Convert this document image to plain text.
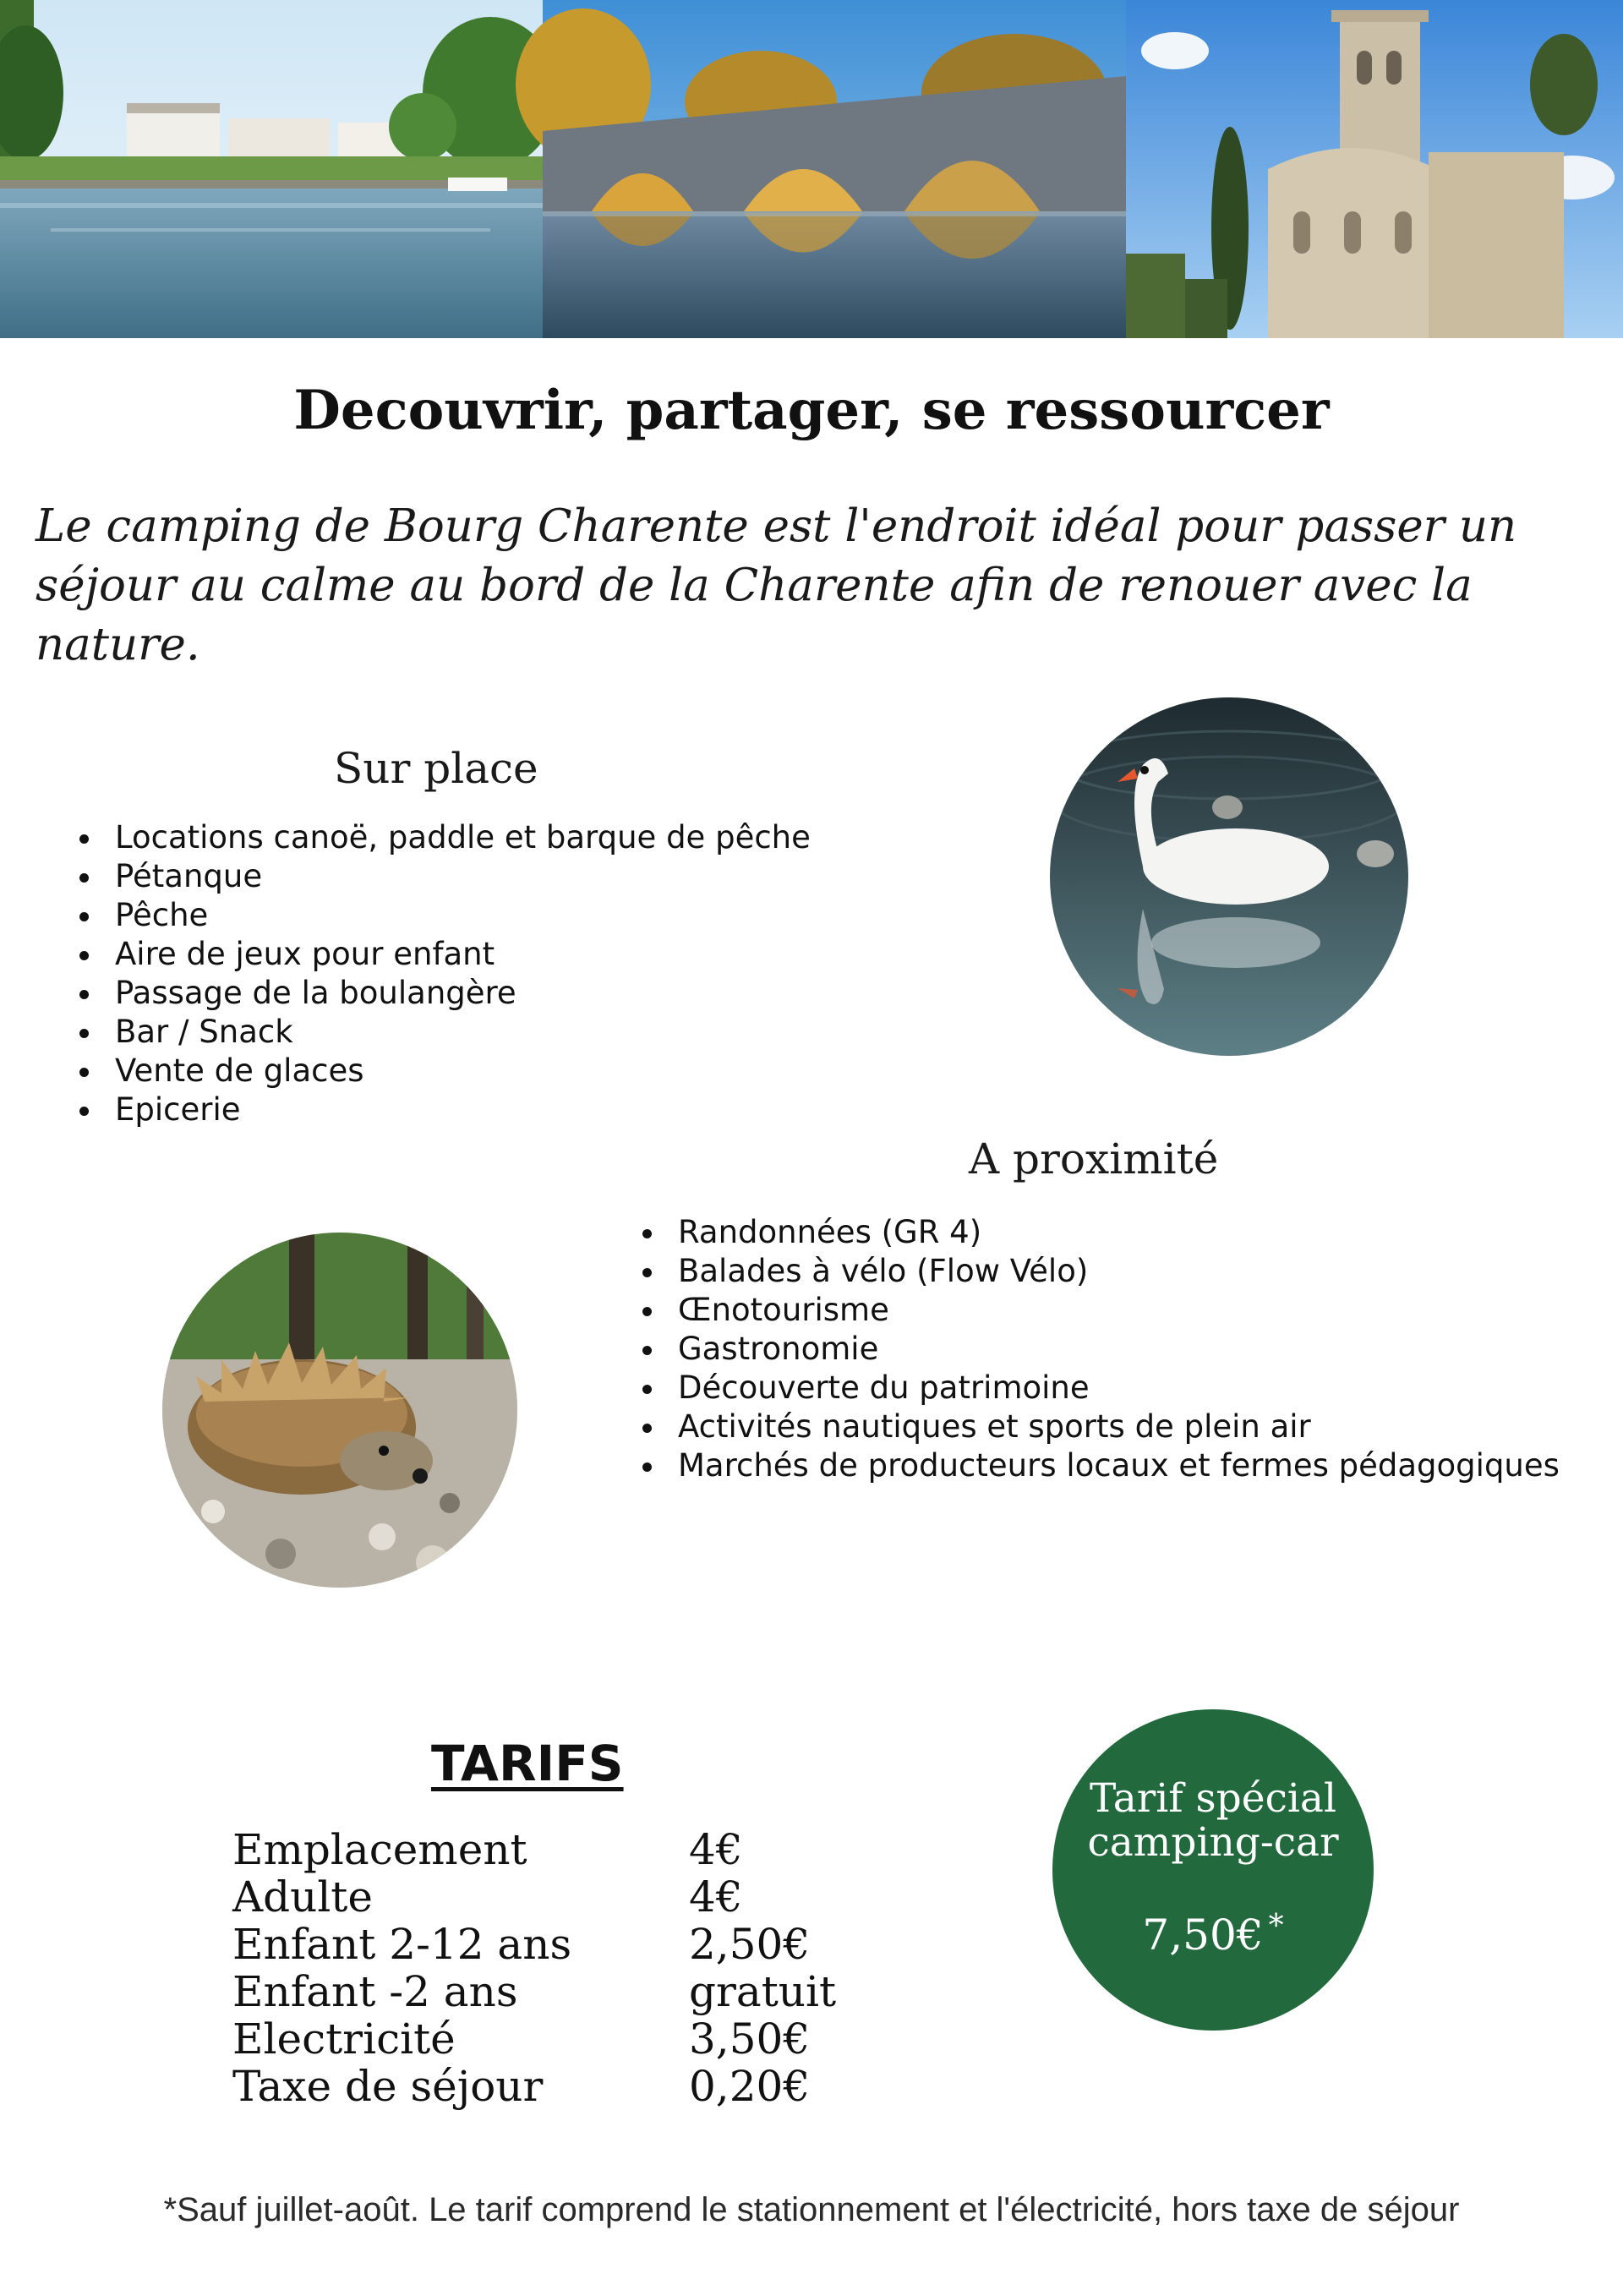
Decouvrir, partager, se ressourcer
Le camping de Bourg Charente est l'endroit idéal pour passer un séjour au calme au bord de la Charente afin de renouer avec la nature.
Sur place
Locations canoë, paddle et barque de pêche
Pétanque
Pêche
Aire de jeux pour enfant
Passage de la boulangère
Bar / Snack
Vente de glaces
Epicerie
A proximité
Randonnées (GR 4)
Balades à vélo (Flow Vélo)
Œnotourisme
Gastronomie
Découverte du patrimoine
Activités nautiques et sports de plein air
Marchés de producteurs locaux et fermes pédagogiques
TARIFS
Emplacement	4€
Adulte	4€
Enfant 2-12 ans	2,50€
Enfant -2 ans	gratuit
Electricité	3,50€
Taxe de séjour	0,20€
Tarif spécial
camping-car
7,50€ *
*Sauf juillet-août. Le tarif comprend le stationnement et l'électricité, hors taxe de séjour
